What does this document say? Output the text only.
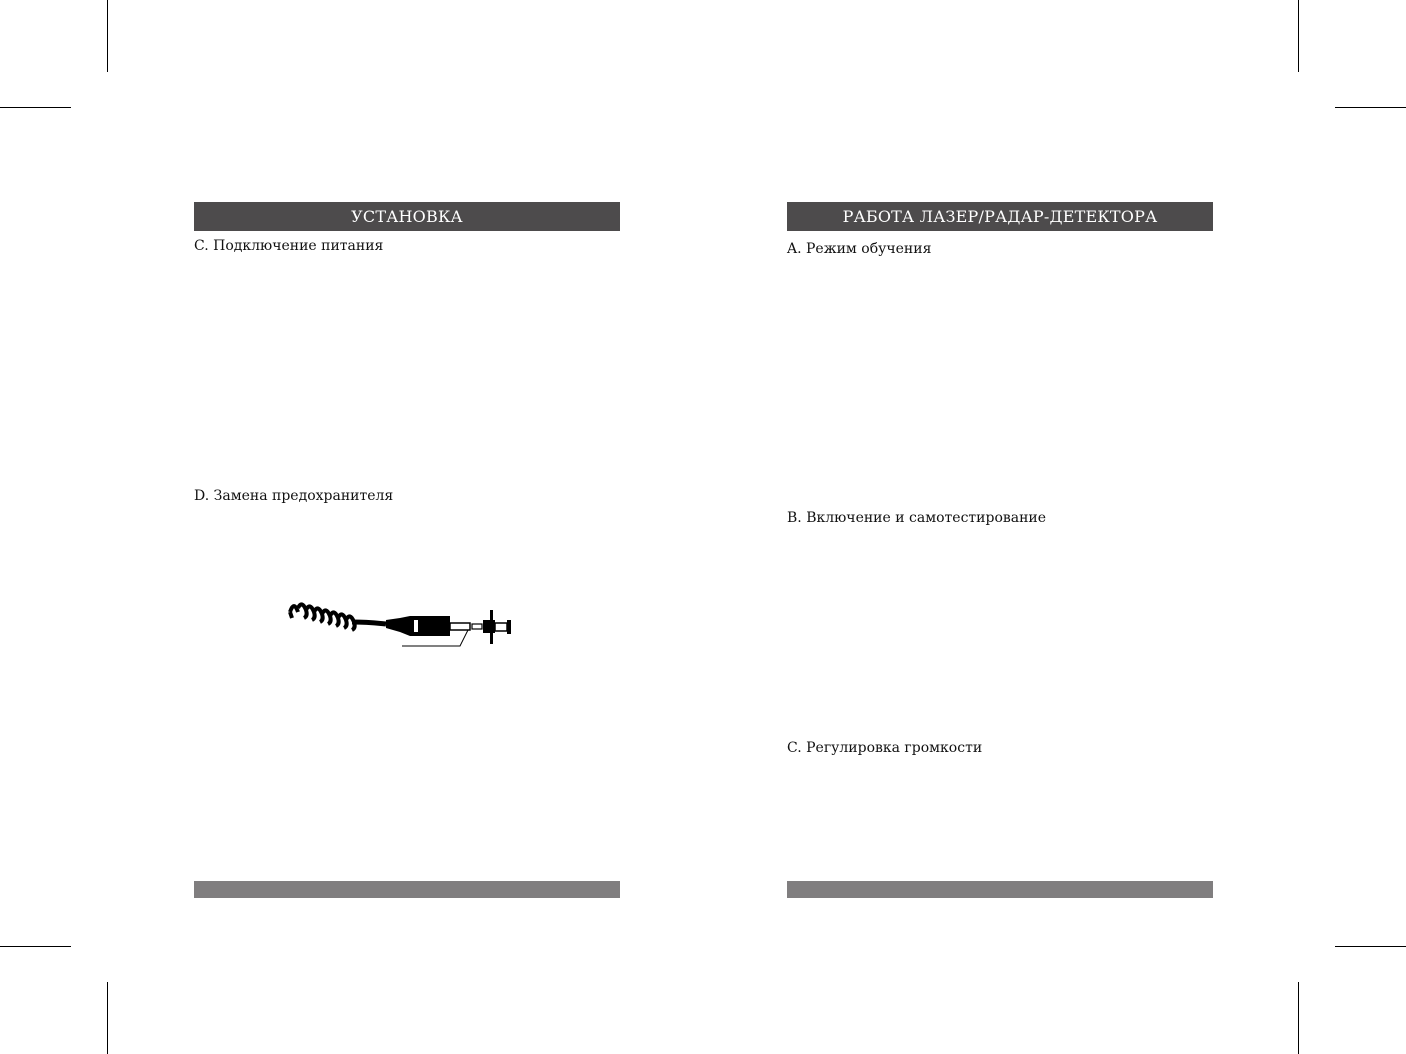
УСТАНОВКА
C. Подключение питания
D. Замена предохранителя
РАБОТА ЛАЗЕР/РАДАР-ДЕТЕКТОРА
A. Режим обучения
B. Включение и самотестирование
C. Регулировка громкости
